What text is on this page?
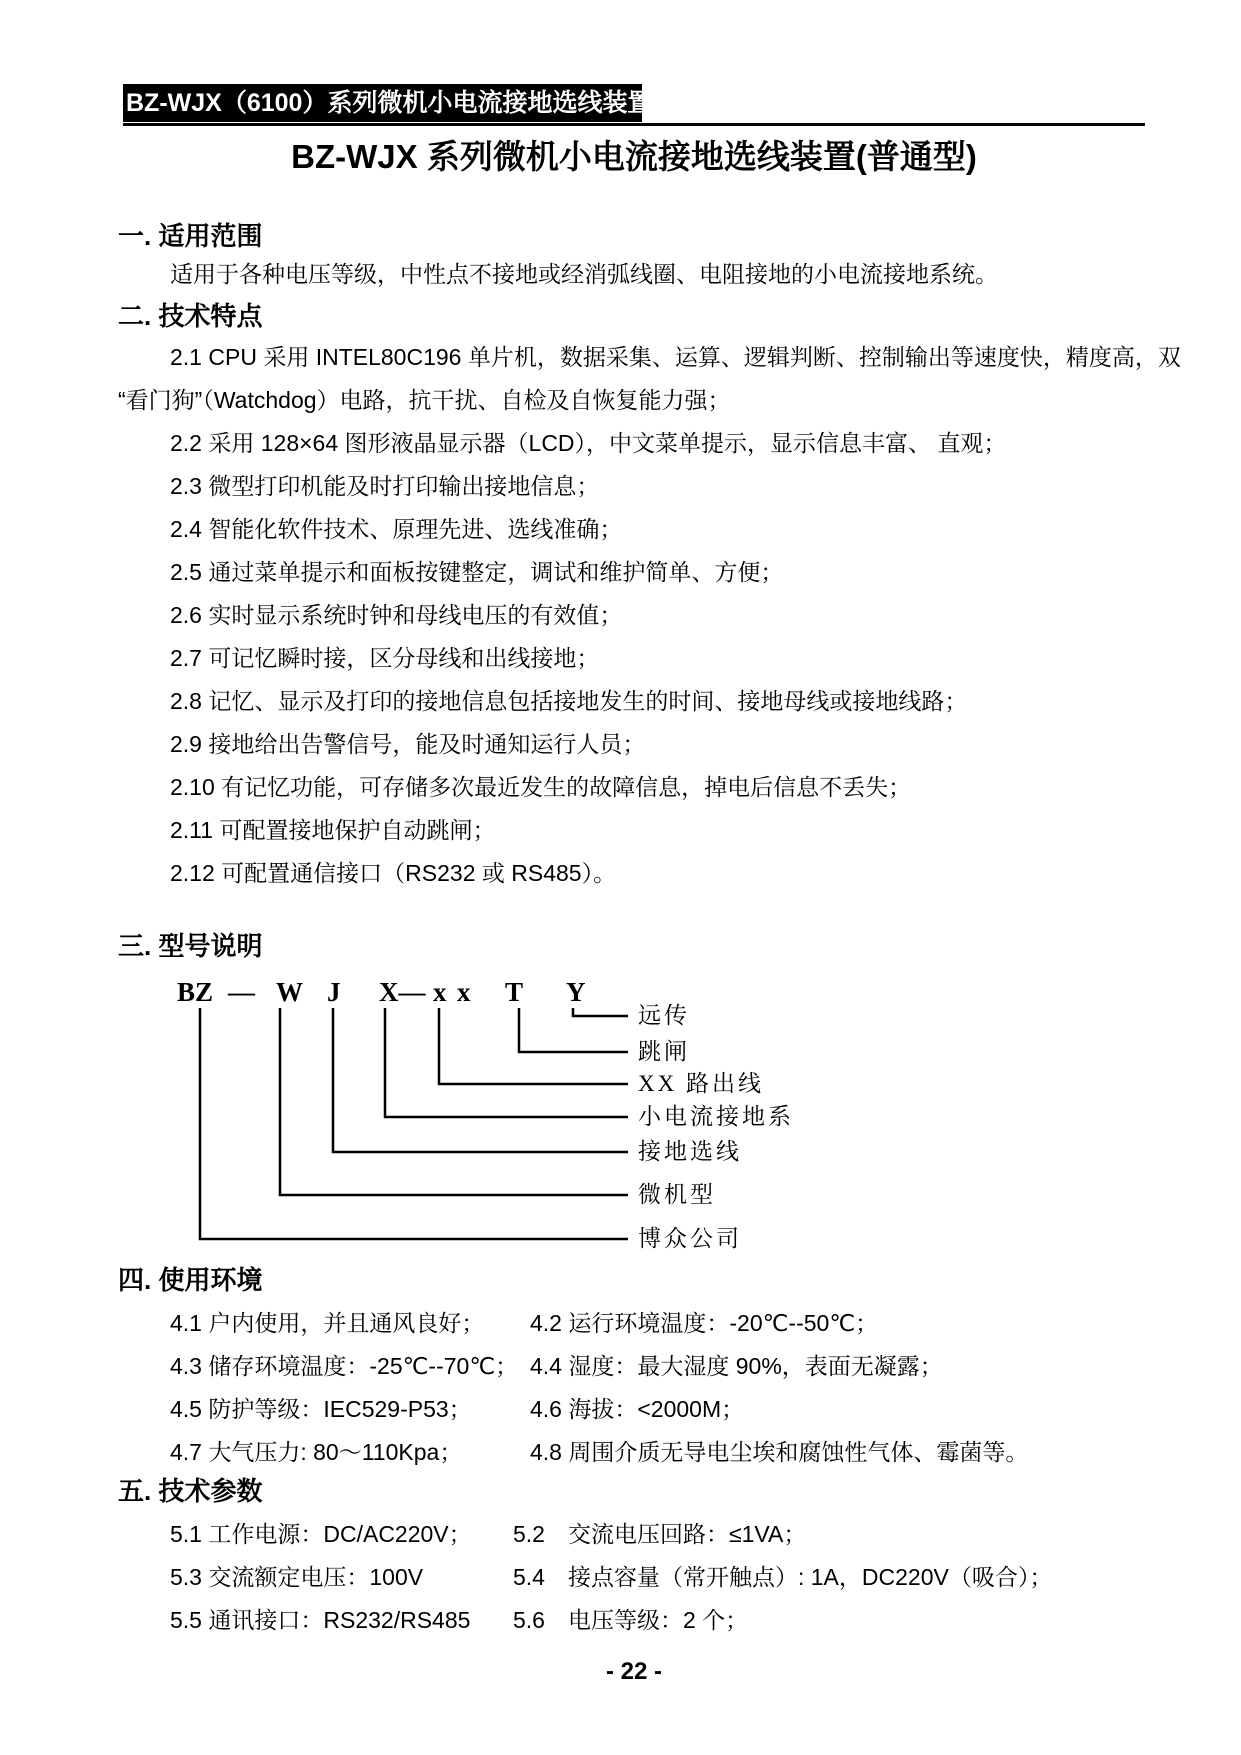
BZ-WJX（6100）系列微机小电流接地选线装置
BZ-WJX 系列微机小电流接地选线装置(普通型)
一. 适用范围
适用于各种电压等级，中性点不接地或经消弧线圈、电阻接地的小电流接地系统。
二. 技术特点
2.1 CPU 采用 INTEL80C196 单片机，数据采集、运算、逻辑判断、控制输出等速度快，精度高，双
“看门狗”（Watchdog）电路，抗干扰、自检及自恢复能力强；
2.2 采用 128×64 图形液晶显示器（LCD），中文菜单提示，显示信息丰富、 直观；
2.3 微型打印机能及时打印输出接地信息；
2.4 智能化软件技术、原理先进、选线准确；
2.5 通过菜单提示和面板按键整定，调试和维护简单、方便；
2.6 实时显示系统时钟和母线电压的有效值；
2.7 可记忆瞬时接，区分母线和出线接地；
2.8 记忆、显示及打印的接地信息包括接地发生的时间、接地母线或接地线路；
2.9 接地给出告警信号，能及时通知运行人员；
2.10 有记忆功能，可存储多次最近发生的故障信息，掉电后信息不丢失；
2.11 可配置接地保护自动跳闸；
2.12 可配置通信接口（RS232 或 RS485）。
三. 型号说明
BZ — W J X— x x T Y
远传
跳闸
XX 路出线
小电流接地系
接地选线
微机型
博众公司
四. 使用环境
4.1 户内使用，并且通风良好； 4.2 运行环境温度：-20℃--50℃；
4.3 储存环境温度：-25℃--70℃； 4.4 湿度：最大湿度 90%，表面无凝露；
4.5 防护等级：IEC529-P53；	4.6 海拔：<2000M；
4.7 大气压力: 80～110Kpa；	4.8 周围介质无导电尘埃和腐蚀性气体、霉菌等。
五. 技术参数
5.1 工作电源：DC/AC220V； 5.2　交流电压回路：≤1VA；
5.3 交流额定电压：100V	5.4　接点容量（常开触点）: 1A，DC220V（吸合）；
5.5 通讯接口：RS232/RS485 5.6　电压等级：2 个；
- 22 -
